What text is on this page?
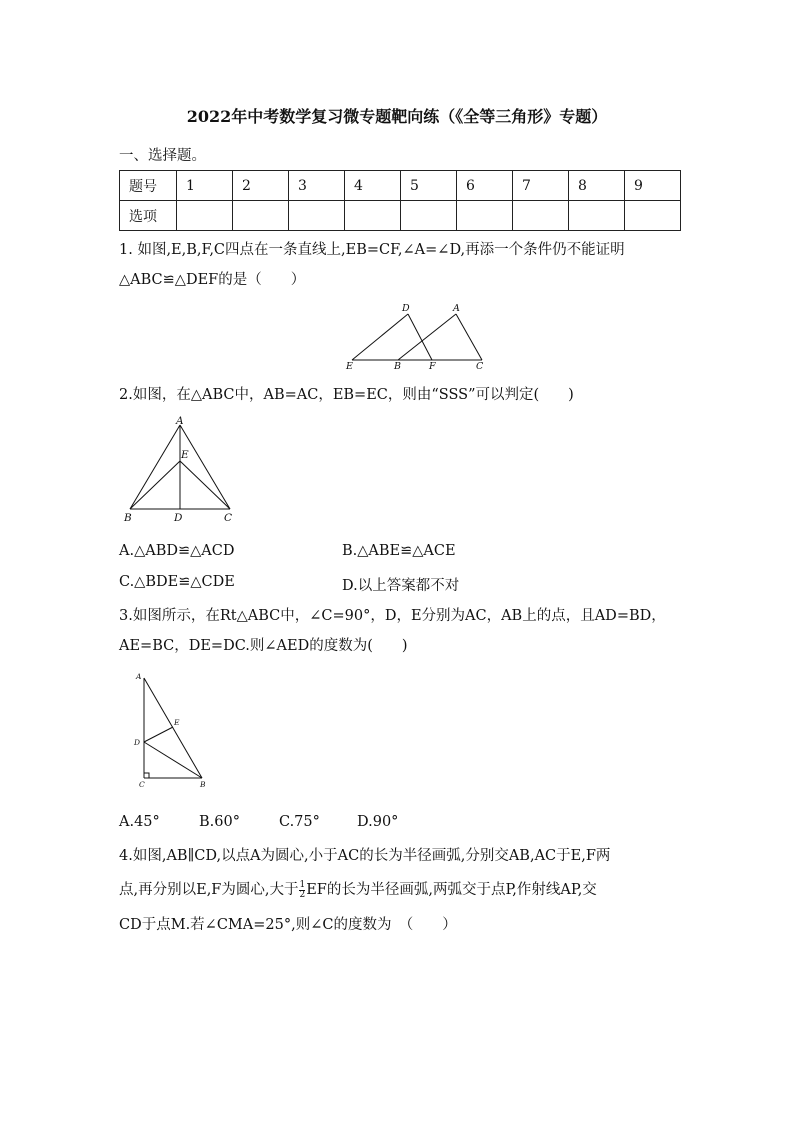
2022年中考数学复习微专题靶向练（《全等三角形》专题）
一、选择题。
题号	1	2	3	4	5	6	7	8	9
选项									
1. 如图,E,B,F,C四点在一条直线上,EB=CF,∠A=∠D,再添一个条件仍不能证明
△ABC≌△DEF的是（　　）
D	A
E	B	F	C
2.如图，在△ABC中，AB=AC，EB=EC，则由“SSS”可以判定(　　)
A
E
B	D	C
A.△ABD≌△ACD	B.△ABE≌△ACE
C.△BDE≌△CDE	D.以上答案都不对
3.如图所示，在Rt△ABC中，∠C=90°，D，E分别为AC，AB上的点，且AD=BD，
AE=BC，DE=DC.则∠AED的度数为(　　)
A
E
D
C	B
A.45°	B.60°	C.75°	D.90°
4.如图,AB∥CD,以点A为圆心,小于AC的长为半径画弧,分别交AB,AC于E,F两
点,再分别以E,F为圆心,大于 $\frac{1}{2}$ EF的长为半径画弧,两弧交于点P,作射线AP,交
CD于点M.若∠CMA=25°,则∠C的度数为　（　　）
